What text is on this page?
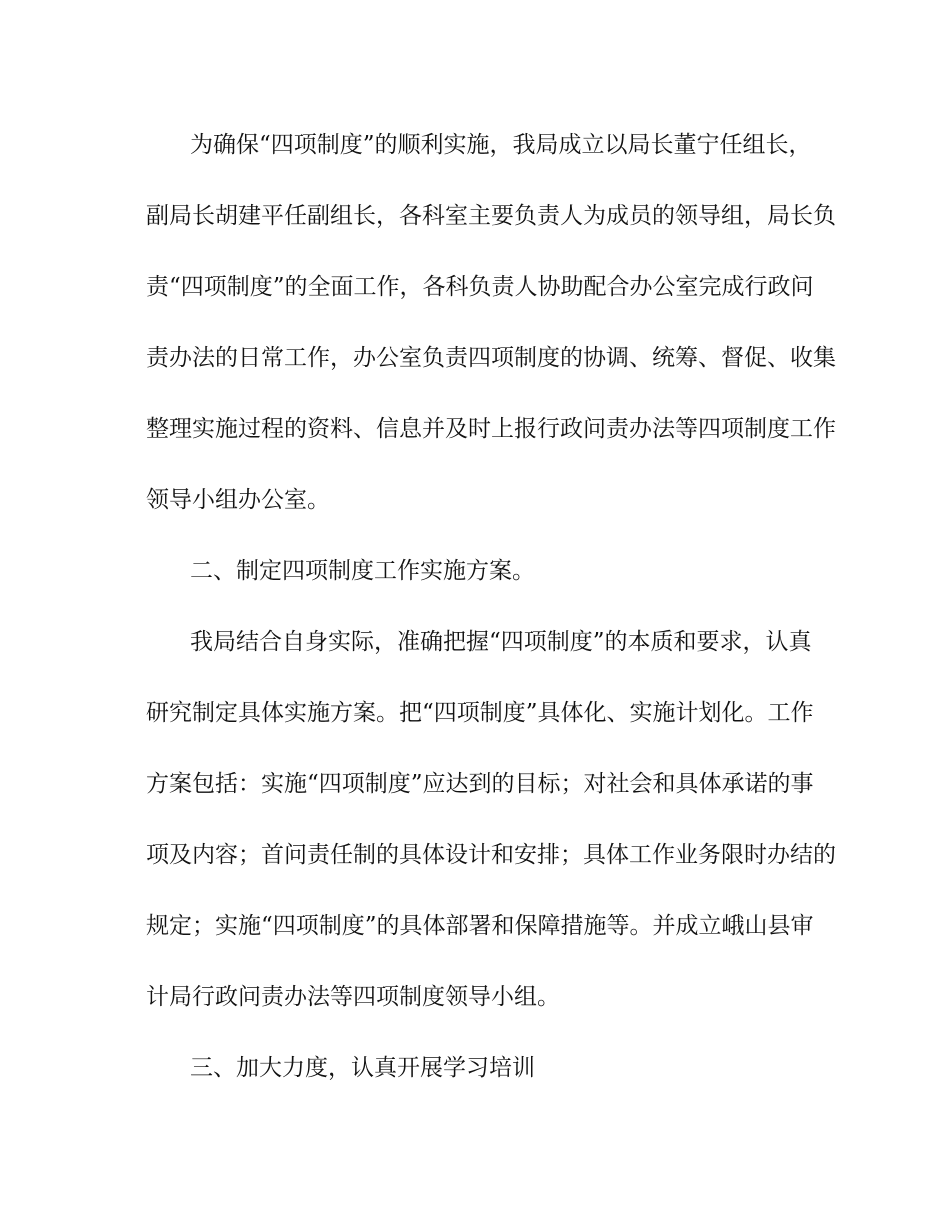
为确保“四项制度”的顺利实施，我局成立以局长董宁任组长，
副局长胡建平任副组长，各科室主要负责人为成员的领导组，局长负
责“四项制度”的全面工作，各科负责人协助配合办公室完成行政问
责办法的日常工作，办公室负责四项制度的协调、统筹、督促、收集
整理实施过程的资料、信息并及时上报行政问责办法等四项制度工作
领导小组办公室。
二、制定四项制度工作实施方案。
我局结合自身实际，准确把握“四项制度”的本质和要求，认真
研究制定具体实施方案。把“四项制度”具体化、实施计划化。工作
方案包括：实施“四项制度”应达到的目标；对社会和具体承诺的事
项及内容；首问责任制的具体设计和安排；具体工作业务限时办结的
规定；实施“四项制度”的具体部署和保障措施等。并成立峨山县审
计局行政问责办法等四项制度领导小组。
三、加大力度，认真开展学习培训
